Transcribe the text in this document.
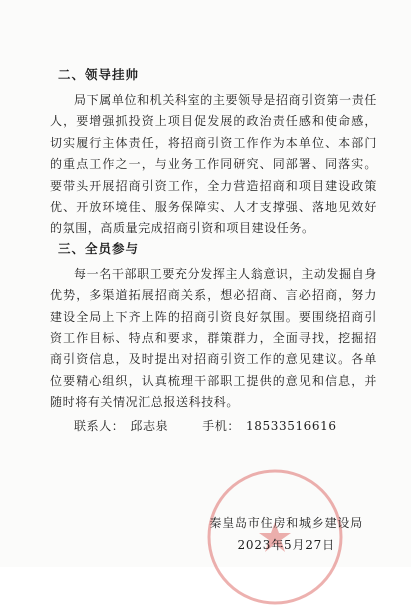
二、领导挂帅

局下属单位和机关科室的主要领导是招商引资第一责任人，要增强抓投资上项目促发展的政治责任感和使命感，切实履行主体责任，将招商引资工作作为本单位、本部门的重点工作之一，与业务工作同研究、同部署、同落实。要带头开展招商引资工作，全力营造招商和项目建设政策优、开放环境佳、服务保障实、人才支撑强、落地见效好的氛围，高质量完成招商引资和项目建设任务。

三、全员参与

每一名干部职工要充分发挥主人翁意识，主动发掘自身优势，多渠道拓展招商关系，想必招商、言必招商，努力建设全局上下齐上阵的招商引资良好氛围。要围绕招商引资工作目标、特点和要求，群策群力，全面寻找，挖掘招商引资信息，及时提出对招商引资工作的意见建议。各单位要精心组织，认真梳理干部职工提供的意见和信息，并随时将有关情况汇总报送科技科。

联系人： 邱志泉	手机： 18533516616
秦皇岛市住房和城乡建设局
2023年5月27日
